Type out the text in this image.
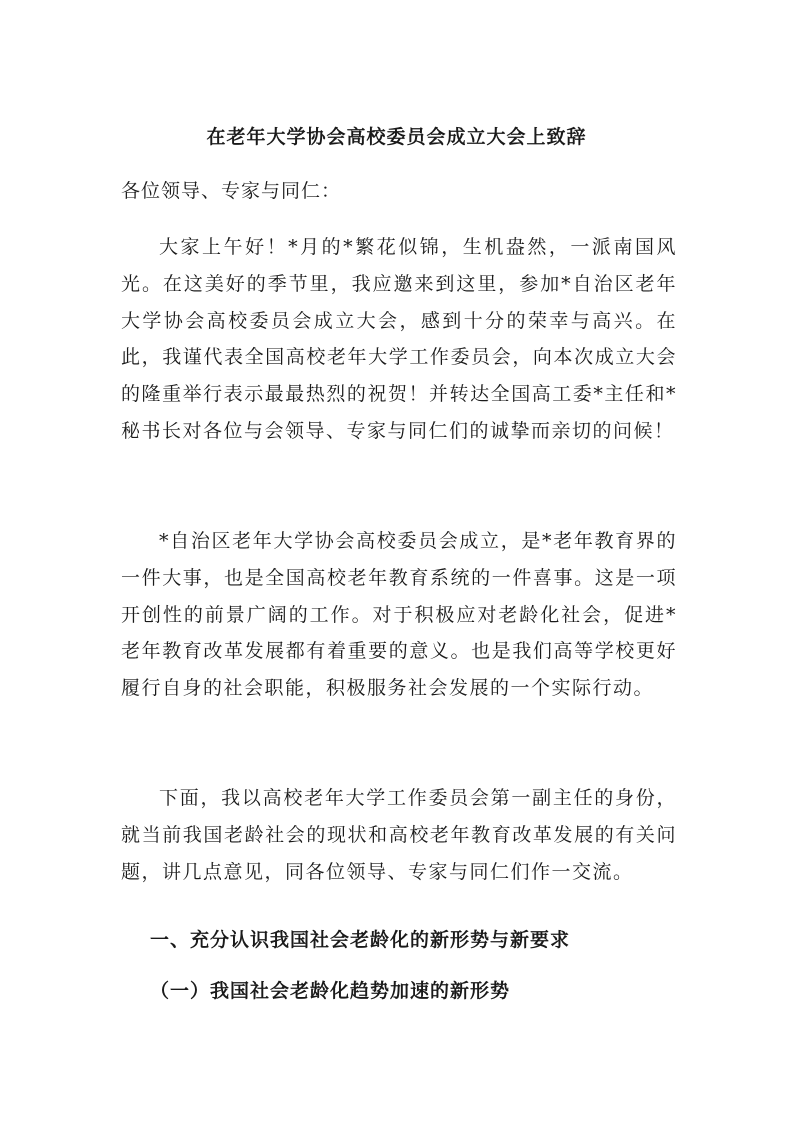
在老年大学协会高校委员会成立大会上致辞
各位领导、专家与同仁：

大家上午好！*月的*繁花似锦，生机盎然，一派南国风光。在这美好的季节里，我应邀来到这里，参加*自治区老年大学协会高校委员会成立大会，感到十分的荣幸与高兴。在此，我谨代表全国高校老年大学工作委员会，向本次成立大会的隆重举行表示最最热烈的祝贺！并转达全国高工委*主任和*秘书长对各位与会领导、专家与同仁们的诚挚而亲切的问候！

*自治区老年大学协会高校委员会成立，是*老年教育界的一件大事，也是全国高校老年教育系统的一件喜事。这是一项开创性的前景广阔的工作。对于积极应对老龄化社会，促进*老年教育改革发展都有着重要的意义。也是我们高等学校更好履行自身的社会职能，积极服务社会发展的一个实际行动。

下面，我以高校老年大学工作委员会第一副主任的身份，就当前我国老龄社会的现状和高校老年教育改革发展的有关问题，讲几点意见，同各位领导、专家与同仁们作一交流。

一、充分认识我国社会老龄化的新形势与新要求
（一）我国社会老龄化趋势加速的新形势
